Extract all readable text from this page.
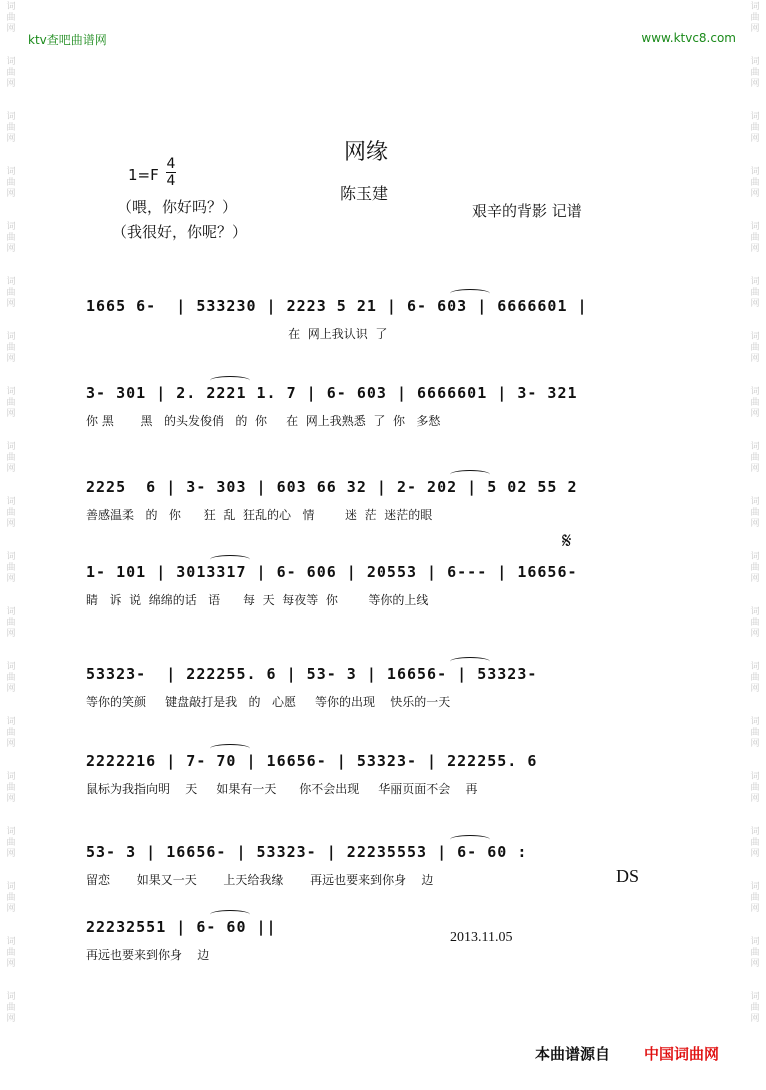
词
曲
网
词
曲
网
词
曲
网
词
曲
网
词
曲
网
词
曲
网
词
曲
网
词
曲
网
词
曲
网
词
曲
网
词
曲
网
词
曲
网
词
曲
网
词
曲
网
词
曲
网
词
曲
网
词
曲
网
词
曲
网
词
曲
网
词
曲
网
词
曲
网
词
曲
网
词
曲
网
词
曲
网
词
曲
网
词
曲
网
词
曲
网
词
曲
网
词
曲
网
词
曲
网
词
曲
网
词
曲
网
词
曲
网
词
曲
网
词
曲
网
词
曲
网
词
曲
网
词
曲
网
ktv查吧曲谱网	www.ktvc8.com
网缘
1=F
4
4
陈玉建
（喂，你好吗？）
（我很好，你呢？）
艰辛的背影 记谱
1665 6-  | 533230 | 2223 5 21 | 6- 603 | 6666601 |
在  网上我认识  了
3- 301 | 2. 2221 1. 7 | 6- 603 | 6666601 | 3- 321
你 黑       黑   的头发俊俏   的  你     在  网上我熟悉  了  你   多愁
2225  6 | 3- 303 | 603 66 32 | 2- 202 | 5 02 55 2
善感温柔   的   你      狂  乱  狂乱的心   情        迷  茫  迷茫的眼
1- 101 | 3013317 | 6- 606 | 20553 | 6--- | 16656-
睛   诉  说  绵绵的话   语      每  天  每夜等  你        等你的上线
53323-  | 222255. 6 | 53- 3 | 16656- | 53323-
等你的笑颜     键盘敲打是我   的   心愿     等你的出现    快乐的一天
2222216 | 7- 70 | 16656- | 53323- | 222255. 6
鼠标为我指向明    天     如果有一天      你不会出现     华丽页面不会    再
53- 3 | 16656- | 53323- | 22235553 | 6- 60 :
留恋       如果又一天       上天给我缘       再远也要来到你身    边
22232551 | 6- 60 ||
再远也要来到你身    边
𝄋
DS
2013.11.05
本曲谱源自 中国词曲网
